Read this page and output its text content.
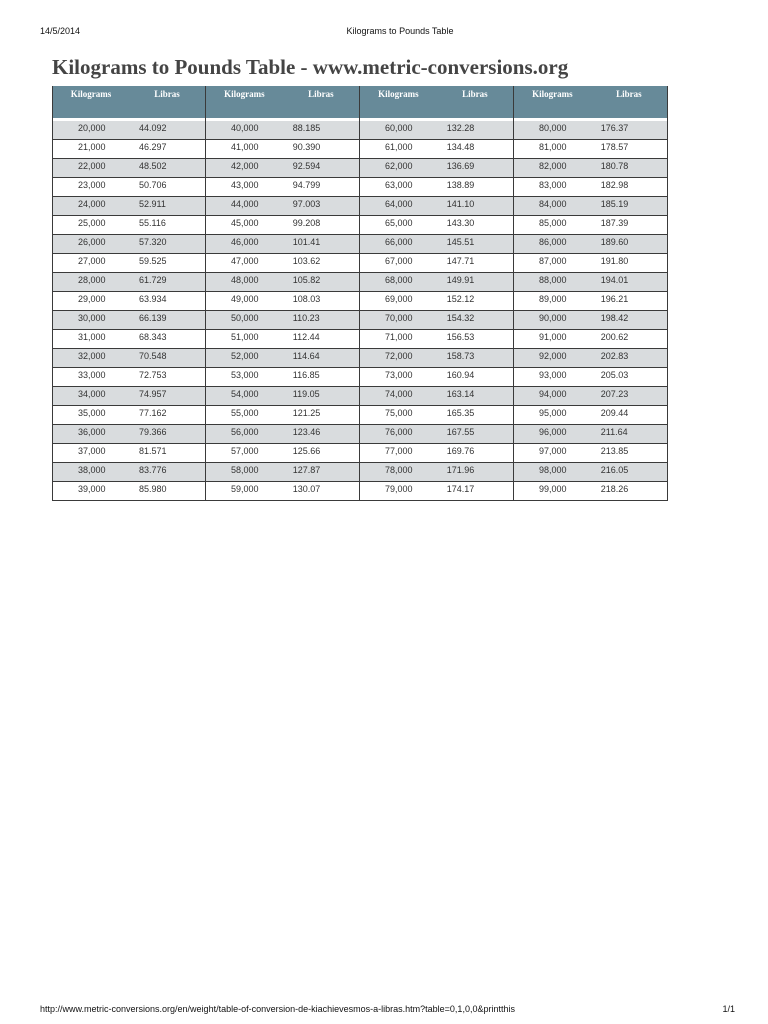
14/5/2014	Kilograms to Pounds Table
Kilograms to Pounds Table - www.metric-conversions.org
Kilograms	Libras

20,000	44.092
21,000	46.297
22,000	48.502
23,000	50.706
24,000	52.911
25,000	55.116
26,000	57.320
27,000	59.525
28,000	61.729
29,000	63.934
30,000	66.139
31,000	68.343
32,000	70.548
33,000	72.753
34,000	74.957
35,000	77.162
36,000	79.366
37,000	81.571
38,000	83.776
39,000	85.980
Kilograms	Libras

40,000	88.185
41,000	90.390
42,000	92.594
43,000	94.799
44,000	97.003
45,000	99.208
46,000	101.41
47,000	103.62
48,000	105.82
49,000	108.03
50,000	110.23
51,000	112.44
52,000	114.64
53,000	116.85
54,000	119.05
55,000	121.25
56,000	123.46
57,000	125.66
58,000	127.87
59,000	130.07
Kilograms	Libras

60,000	132.28
61,000	134.48
62,000	136.69
63,000	138.89
64,000	141.10
65,000	143.30
66,000	145.51
67,000	147.71
68,000	149.91
69,000	152.12
70,000	154.32
71,000	156.53
72,000	158.73
73,000	160.94
74,000	163.14
75,000	165.35
76,000	167.55
77,000	169.76
78,000	171.96
79,000	174.17
Kilograms	Libras

80,000	176.37
81,000	178.57
82,000	180.78
83,000	182.98
84,000	185.19
85,000	187.39
86,000	189.60
87,000	191.80
88,000	194.01
89,000	196.21
90,000	198.42
91,000	200.62
92,000	202.83
93,000	205.03
94,000	207.23
95,000	209.44
96,000	211.64
97,000	213.85
98,000	216.05
99,000	218.26
http://www.metric-conversions.org/en/weight/table-of-conversion-de-kiachievesmos-a-libras.htm?table=0,1,0,0&printthis	1/1
